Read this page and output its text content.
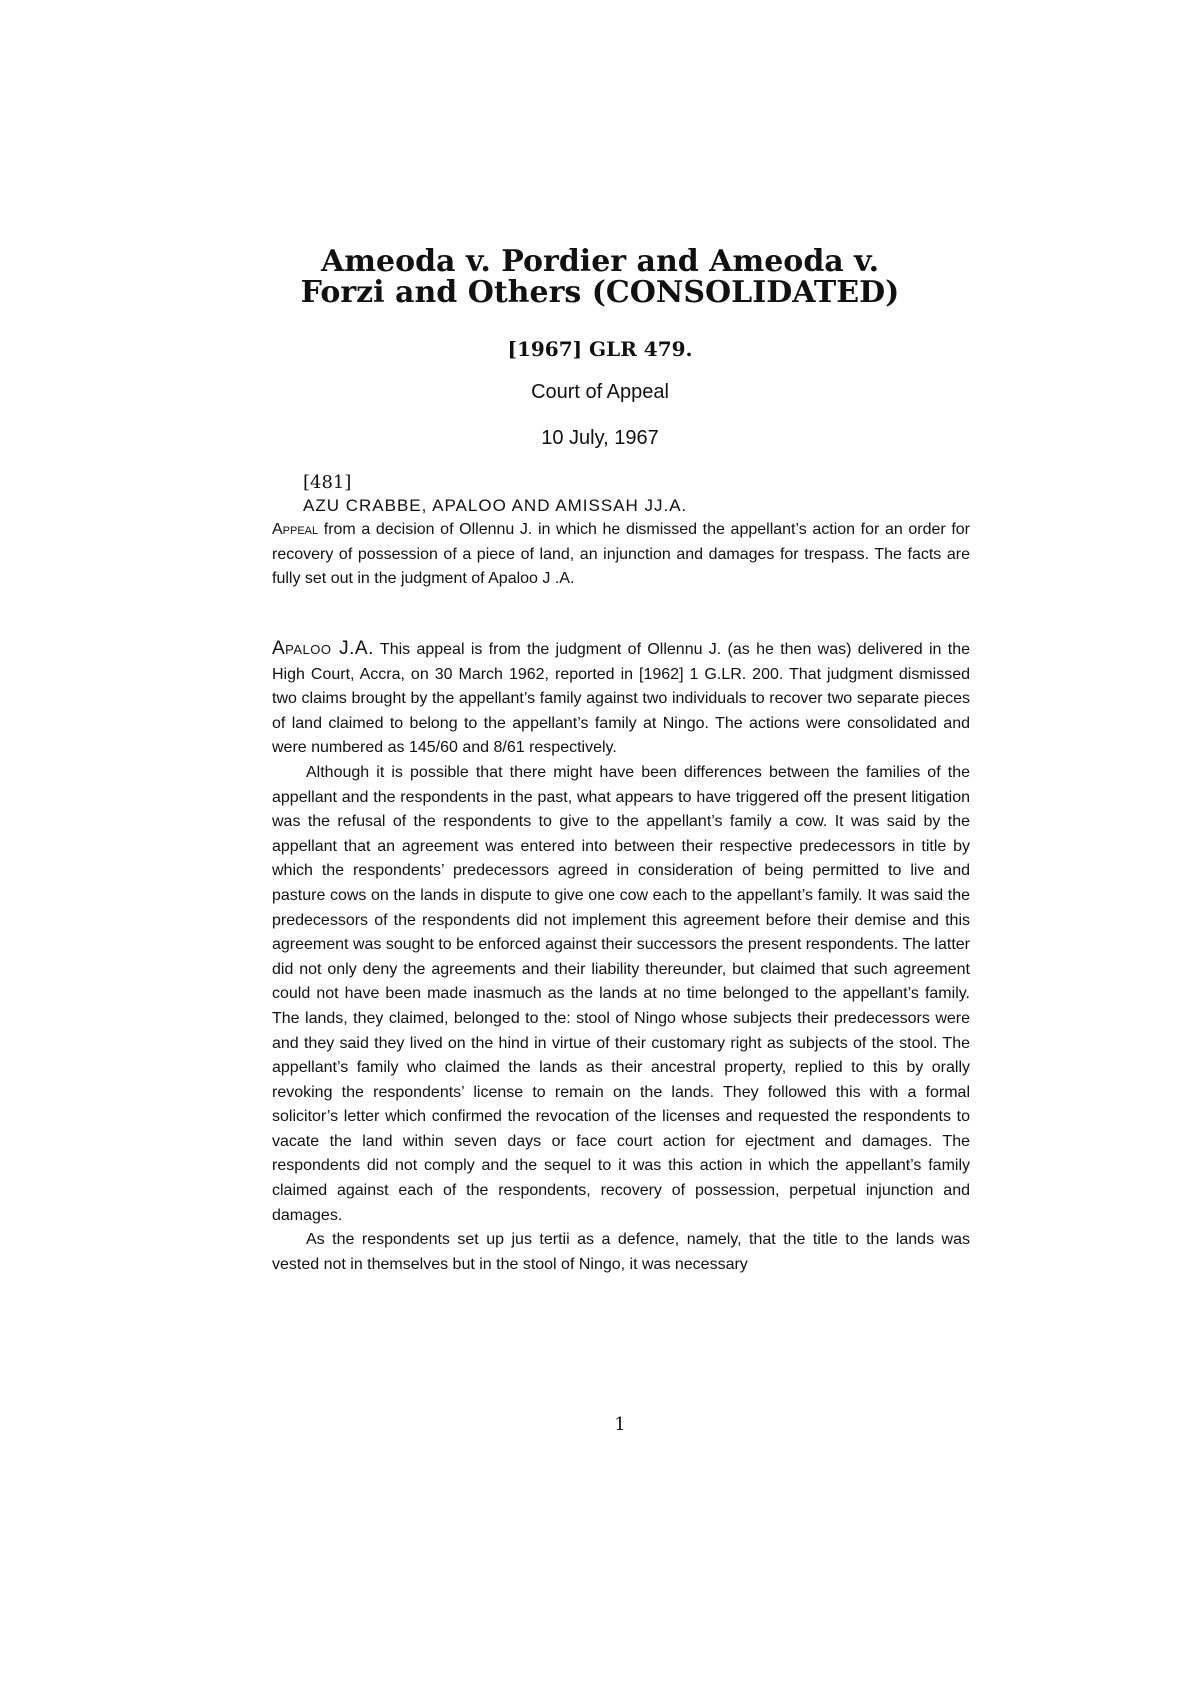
Ameoda v. Pordier and Ameoda v.
Forzi and Others (CONSOLIDATED)

[1967] GLR 479.

Court of Appeal

10 July, 1967

[481]

AZU CRABBE, APALOO AND AMISSAH JJ.A.

Appeal from a decision of Ollennu J. in which he dismissed the appellant’s action for an order for recovery of possession of a piece of land, an injunction and damages for trespass. The facts are fully set out in the judgment of Apaloo J .A.

Apaloo J.A. This appeal is from the judgment of Ollennu J. (as he then was) delivered in the High Court, Accra, on 30 March 1962, reported in [1962] 1 G.LR. 200. That judgment dismissed two claims brought by the appellant’s family against two individuals to recover two separate pieces of land claimed to belong to the appellant’s family at Ningo. The actions were consolidated and were numbered as 145/60 and 8/61 respectively.

Although it is possible that there might have been differences between the families of the appellant and the respondents in the past, what appears to have triggered off the present litigation was the refusal of the respondents to give to the appellant’s family a cow. It was said by the appellant that an agreement was entered into between their respective predecessors in title by which the respondents’ predecessors agreed in consideration of being permitted to live and pasture cows on the lands in dispute to give one cow each to the appellant’s family. It was said the predecessors of the respondents did not implement this agreement before their demise and this agreement was sought to be enforced against their successors the present respondents. The latter did not only deny the agreements and their liability thereunder, but claimed that such agreement could not have been made inasmuch as the lands at no time belonged to the appellant’s family. The lands, they claimed, belonged to the: stool of Ningo whose subjects their predecessors were and they said they lived on the hind in virtue of their customary right as subjects of the stool. The appellant’s family who claimed the lands as their ancestral property, replied to this by orally revoking the respondents’ license to remain on the lands. They followed this with a formal solicitor’s letter which confirmed the revocation of the licenses and requested the respondents to vacate the land within seven days or face court action for ejectment and damages. The respondents did not comply and the sequel to it was this action in which the appellant’s family claimed against each of the respondents, recovery of possession, perpetual injunction and damages.

As the respondents set up jus tertii as a defence, namely, that the title to the lands was vested not in themselves but in the stool of Ningo, it was necessary

1
